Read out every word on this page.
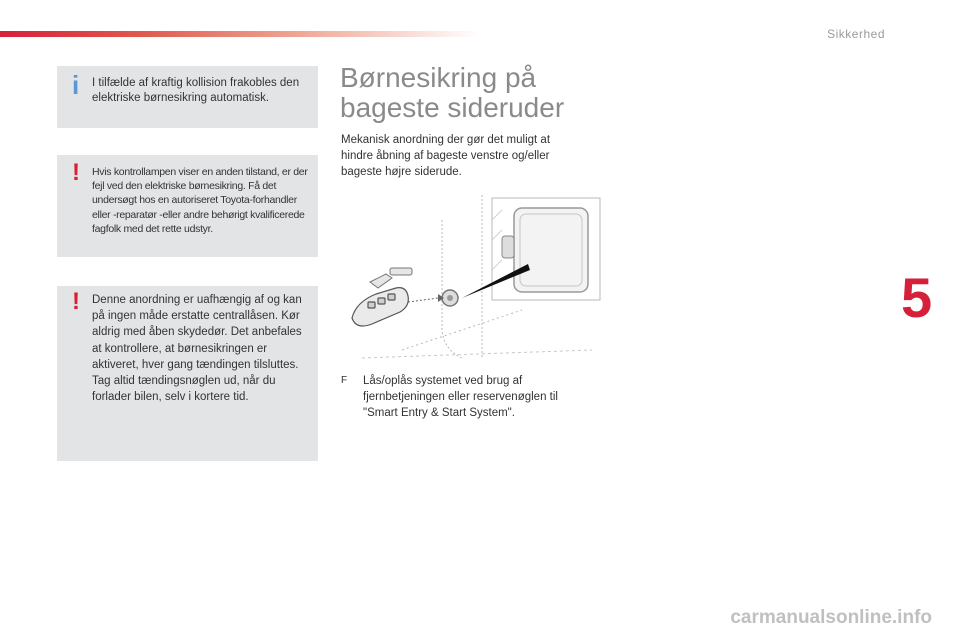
Sikkerhed
5
i I tilfælde af kraftig kollision frakobles den elektriske børnesikring automatisk.
! Hvis kontrollampen viser en anden tilstand, er der fejl ved den elektriske børnesikring. Få det undersøgt hos en autoriseret Toyota-forhandler eller -reparatør -eller andre behørigt kvalificerede fagfolk med det rette udstyr.
! Denne anordning er uafhængig af og kan på ingen måde erstatte centrallåsen. Kør aldrig med åben skydedør. Det anbefales at kontrollere, at børnesikringen er aktiveret, hver gang tændingen tilsluttes. Tag altid tændingsnøglen ud, når du forlader bilen, selv i kortere tid.
Børnesikring på
bageste sideruder
Mekanisk anordning der gør det muligt at hindre åbning af bageste venstre og/eller bageste højre siderude.
F Lås/oplås systemet ved brug af fjernbetjeningen eller reservenøglen til "Smart Entry & Start System".
carmanualsonline.info
